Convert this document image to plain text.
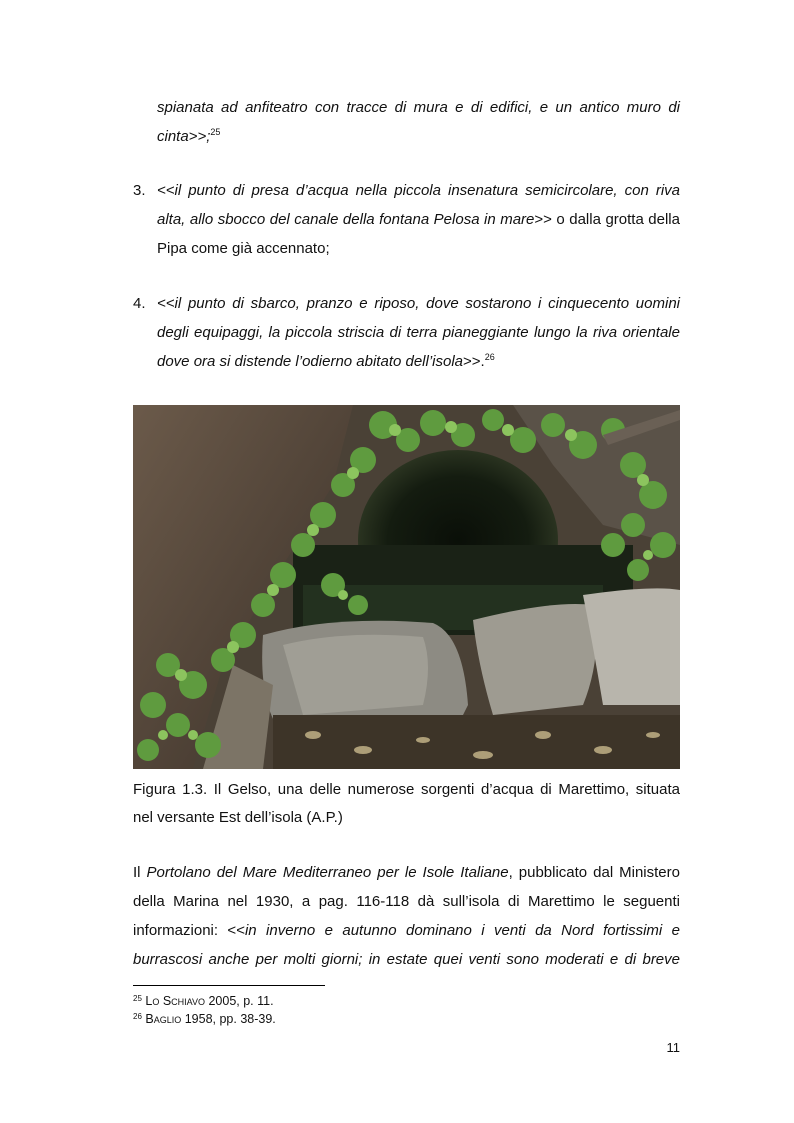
spianata ad anfiteatro con tracce di mura e di edifici, e un antico muro di
cinta>>;$^{25}$
3. <<il punto di presa d’acqua nella piccola insenatura semicircolare, con riva
alta, allo sbocco del canale della fontana Pelosa in mare>> o dalla grotta della
Pipa come già accennato;
4. <<il punto di sbarco, pranzo e riposo, dove sostarono i cinquecento uomini
degli equipaggi, la piccola striscia di terra pianeggiante lungo la riva orientale
dove ora si distende l’odierno abitato dell’isola>>.$^{26}$
Figura 1.3. Il Gelso, una delle numerose sorgenti d’acqua di Marettimo, situata
nel versante Est dell’isola (A.P.)
Il Portolano del Mare Mediterraneo per le Isole Italiane, pubblicato dal Ministero
della Marina nel 1930, a pag. 116-118 dà sull’isola di Marettimo le seguenti
informazioni: <<in inverno e autunno dominano i venti da Nord fortissimi e
burrascosi anche per molti giorni; in estate quei venti sono moderati e di breve
$^{25}$ Lo Schiavo 2005, p. 11.
$^{26}$ Baglio 1958, pp. 38-39.
11
